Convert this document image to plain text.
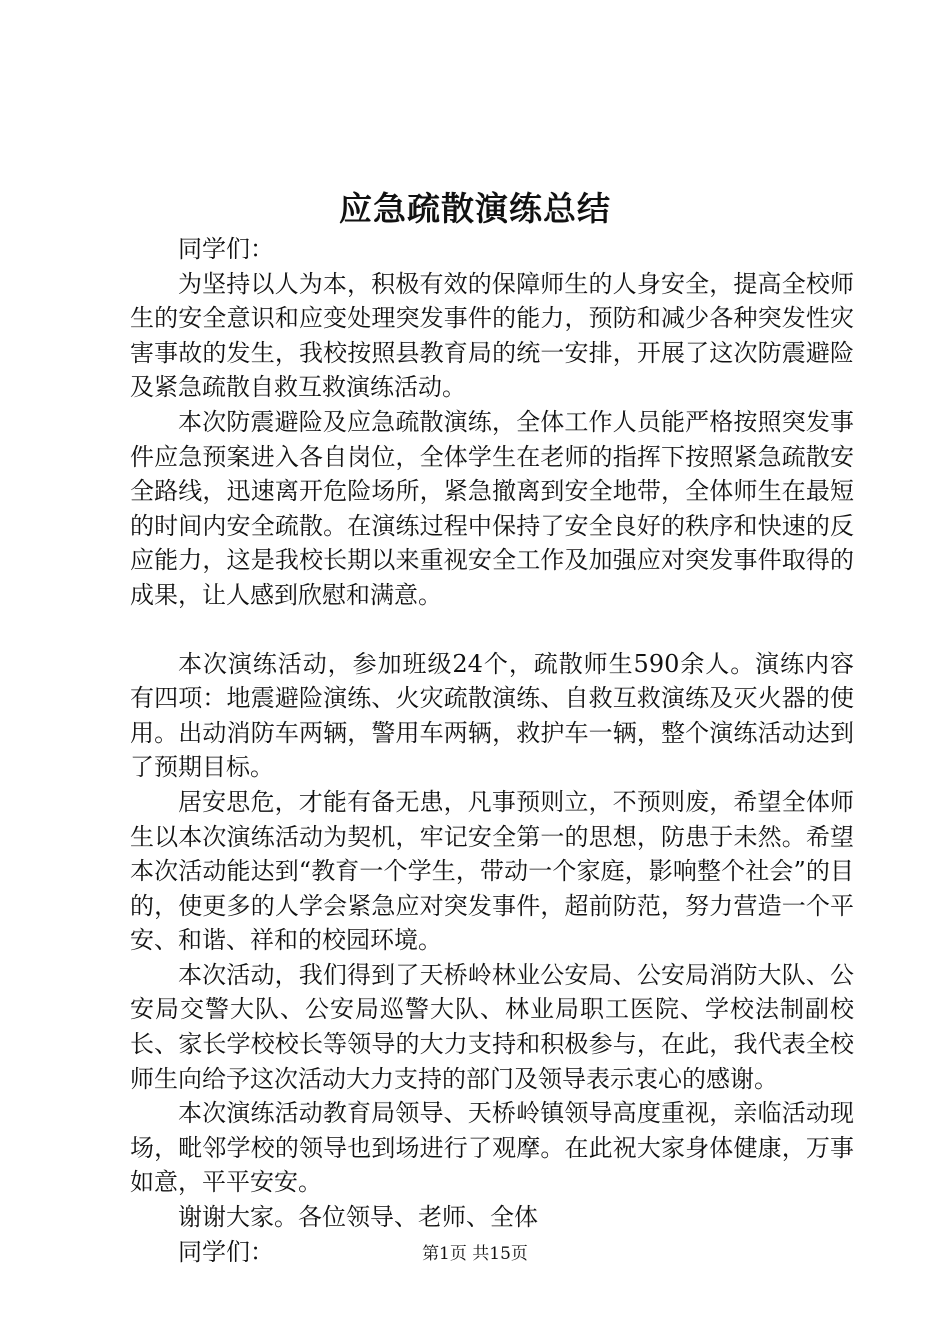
应急疏散演练总结

同学们：

为坚持以人为本，积极有效的保障师生的人身安全，提高全校师生的安全意识和应变处理突发事件的能力，预防和减少各种突发性灾害事故的发生，我校按照县教育局的统一安排，开展了这次防震避险及紧急疏散自救互救演练活动。

本次防震避险及应急疏散演练，全体工作人员能严格按照突发事件应急预案进入各自岗位，全体学生在老师的指挥下按照紧急疏散安全路线，迅速离开危险场所，紧急撤离到安全地带，全体师生在最短的时间内安全疏散。在演练过程中保持了安全良好的秩序和快速的反应能力，这是我校长期以来重视安全工作及加强应对突发事件取得的成果，让人感到欣慰和满意。

本次演练活动，参加班级24个，疏散师生590余人。演练内容有四项：地震避险演练、火灾疏散演练、自救互救演练及灭火器的使用。出动消防车两辆，警用车两辆，救护车一辆，整个演练活动达到了预期目标。

居安思危，才能有备无患，凡事预则立，不预则废，希望全体师生以本次演练活动为契机，牢记安全第一的思想，防患于未然。希望本次活动能达到“教育一个学生，带动一个家庭，影响整个社会”的目的，使更多的人学会紧急应对突发事件，超前防范，努力营造一个平安、和谐、祥和的校园环境。

本次活动，我们得到了天桥岭林业公安局、公安局消防大队、公安局交警大队、公安局巡警大队、林业局职工医院、学校法制副校长、家长学校校长等领导的大力支持和积极参与，在此，我代表全校师生向给予这次活动大力支持的部门及领导表示衷心的感谢。

本次演练活动教育局领导、天桥岭镇领导高度重视，亲临活动现场，毗邻学校的领导也到场进行了观摩。在此祝大家身体健康，万事如意，平平安安。

谢谢大家。各位领导、老师、全体

同学们：	第1页 共15页
